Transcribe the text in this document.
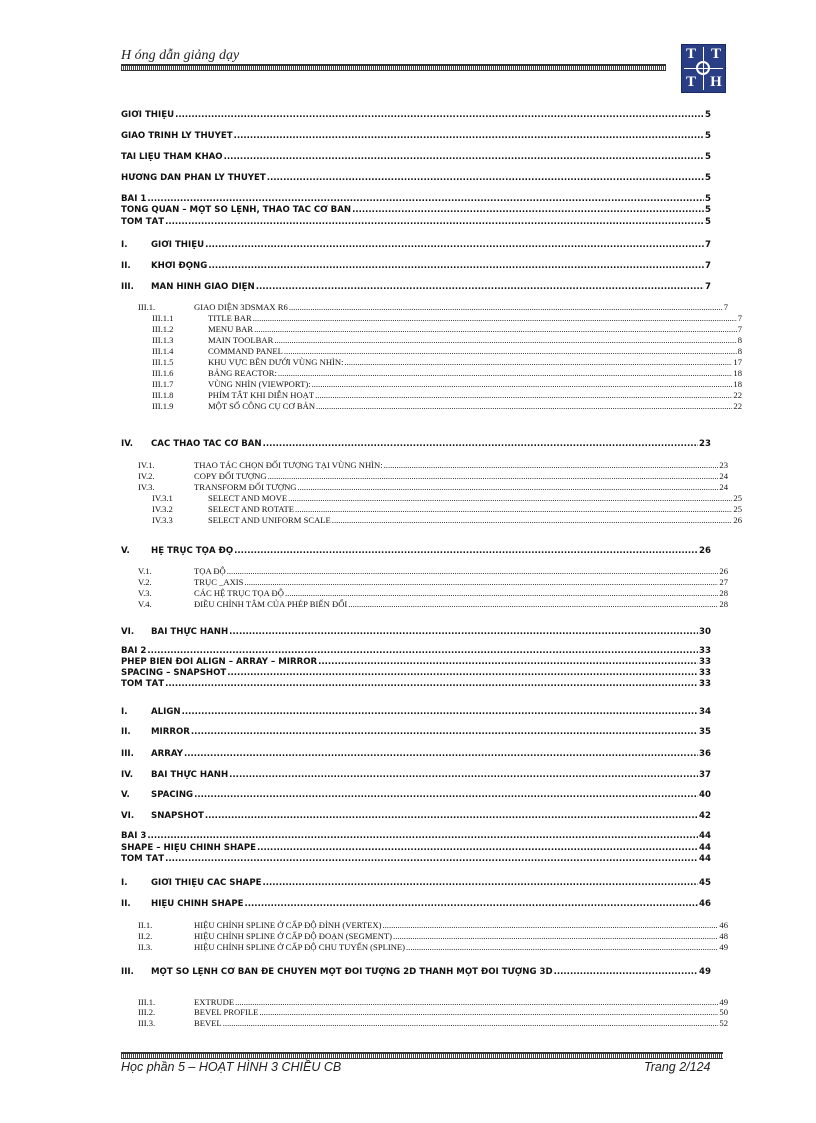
H óng dẫn giảng dạy	T T
T H
GIỚI THIỆU .....	5
GIÁO TRÌNH LÝ THUYẾT .....	5
TÀI LIỆU THAM KHẢO .....	5
HƯỚNG DẪN PHẦN LÝ THUYẾT .....	5
BÀI 1 .....	5
TỔNG QUAN – MỘT SỐ LỆNH, THAO TÁC CƠ BẢN .....	5
TÓM TẮT .....	5
I.	GIỚI THIỆU .....	7
II.	KHỞI ĐỘNG .....	7
III.	MÀN HÌNH GIAO DIỆN .....	7
III.1.	GIAO DIỆN 3DSMAX R6 .....	7
III.1.1	TITLE BAR .....	7
III.1.2	MENU BAR .....	7
III.1.3	MAIN TOOLBAR .....	8
III.1.4	COMMAND PANEL .....	8
III.1.5	KHU VỰC BÊN DƯỚI VÙNG NHÌN: .....	17
III.1.6	BẢNG REACTOR: .....	18
III.1.7	VÙNG NHÌN (VIEWPORT): .....	18
III.1.8	PHÍM TẮT KHI DIỄN HOẠT .....	22
III.1.9	MỘT SỐ CÔNG CỤ CƠ BẢN .....	22
IV.	CÁC THAO TÁC CƠ BẢN .....	23
IV.1.	THAO TÁC CHỌN ĐỐI TƯỢNG TẠI VÙNG NHÌN: .....	23
IV.2.	COPY ĐỐI TƯỢNG .....	24
IV.3.	TRANSFORM ĐỐI TƯỢNG .....	24
IV.3.1	SELECT AND MOVE .....	25
IV.3.2	SELECT AND ROTATE .....	25
IV.3.3	SELECT AND UNIFORM SCALE .....	26
V.	HỆ TRỤC TỌA ĐỘ .....	26
V.1.	TỌA ĐỘ .....	26
V.2.	TRỤC _AXIS .....	27
V.3.	CÁC HỆ TRỤC TỌA ĐỘ .....	28
V.4.	ĐIỀU CHỈNH TÂM CỦA PHÉP BIẾN ĐỔI .....	28
VI.	BÀI THỰC HÀNH .....	30
BÀI 2 .....	33
PHÉP BIẾN ĐỔI ALIGN – ARRAY – MIRROR .....	33
SPACING – SNAPSHOT .....	33
TÓM TẮT .....	33
I.	ALIGN .....	34
II.	MIRROR .....	35
III.	ARRAY .....	36
IV.	BÀI THỰC HÀNH .....	37
V.	SPACING .....	40
VI.	SNAPSHOT .....	42
BÀI 3 .....	44
SHAPE – HIỆU CHỈNH SHAPE .....	44
TÓM TẮT .....	44
I.	GIỚI THIỆU CÁC SHAPE .....	45
II.	HIỆU CHỈNH SHAPE .....	46
II.1.	HIỆU CHỈNH SPLINE Ở CẤP ĐỘ ĐỈNH (VERTEX) .....	46
II.2.	HIỆU CHỈNH SPLINE Ở CẤP ĐỘ ĐOẠN (SEGMENT) .....	48
II.3.	HIỆU CHỈNH SPLINE Ở CẤP ĐỘ CHU TUYẾN (SPLINE) .....	49
III.	MỘT SỐ LỆNH CƠ BẢN ĐỂ CHUYỂN MỘT ĐỐI TƯỢNG 2D THÀNH MỘT ĐỐI TƯỢNG 3D .....	49
III.1.	EXTRUDE .....	49
III.2.	BEVEL PROFILE .....	50
III.3.	BEVEL .....	52
Học phần 5 – HOẠT HÌNH 3 CHIỀU CB	Trang 2/124
